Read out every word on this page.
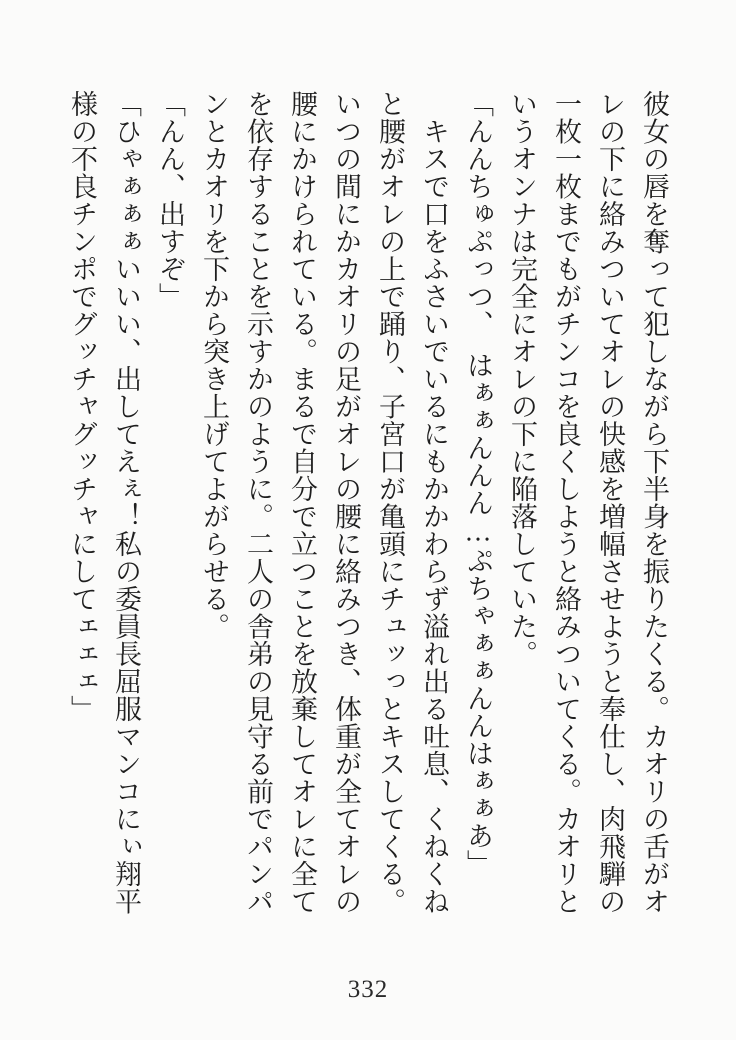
彼女の唇を奪って犯しながら下半身を振りたくる。カオリの舌がオレの下に絡みついてオレの快感を増幅させようと奉仕し、肉飛騨の一枚一枚までもがチンコを良くしようと絡みついてくる。カオリというオンナは完全にオレの下に陥落していた。

「んんちゅぷっつ、　はぁぁんんん…ぷちゃぁぁんんはぁぁあ」

　キスで口をふさいでいるにもかかわらず溢れ出る吐息、くねくねと腰がオレの上で踊り、子宮口が亀頭にチュッっとキスしてくる。いつの間にかカオリの足がオレの腰に絡みつき、体重が全てオレの腰にかけられている。まるで自分で立つことを放棄してオレに全てを依存することを示すかのように。二人の舎弟の見守る前でパンパンとカオリを下から突き上げてよがらせる。

「んん、出すぞ」

「ひゃぁぁぁいいい、出してえぇ！私の委員長屈服マンコにぃ翔平様の不良チンポでグッチャグッチャにしてェェェ」

332
